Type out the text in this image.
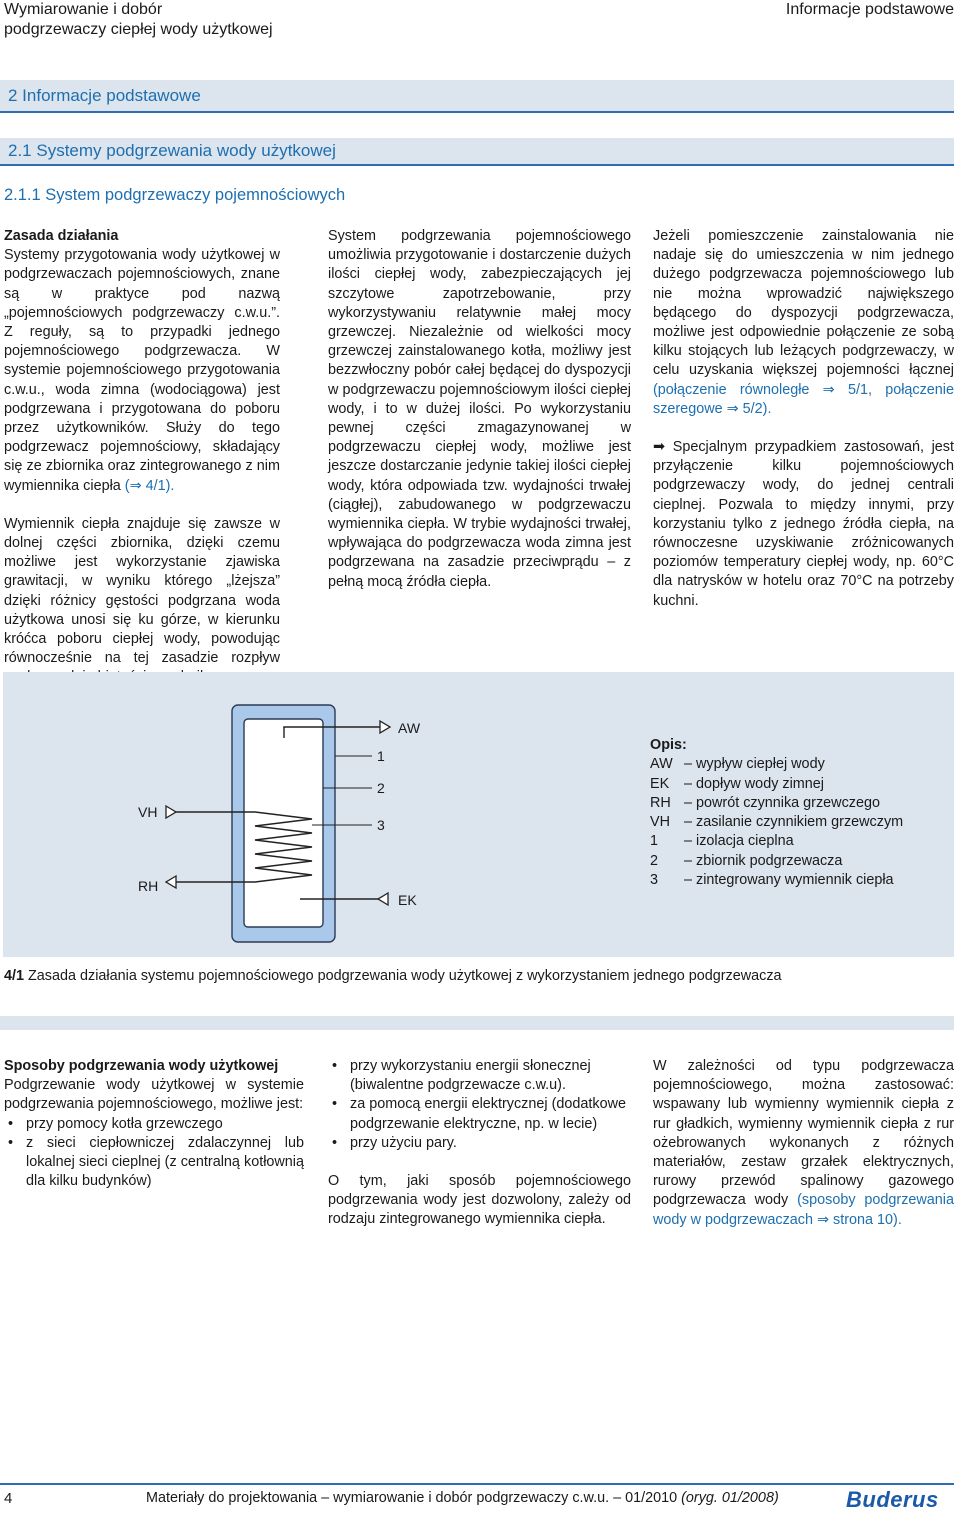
Wymiarowanie i dobór
podgrzewaczy ciepłej wody użytkowej
Informacje podstawowe
2 Informacje podstawowe
2.1 Systemy podgrzewania wody użytkowej
2.1.1 System podgrzewaczy pojemnościowych

Zasada działania

Systemy przygotowania wody użytkowej w podgrzewaczach pojemnościowych, znane są w praktyce pod nazwą „pojemnościowych podgrzewaczy c.w.u.”. Z reguły, są to przypadki jednego pojemnościowego podgrzewacza. W systemie pojemnościowego przygotowania c.w.u., woda zimna (wodociągowa) jest podgrzewana i przygotowana do poboru przez użytkowników. Służy do tego podgrzewacz pojemnościowy, składający się ze zbiornika oraz zintegrowanego z nim wymiennika ciepła (⇒ 4/1).

Wymiennik ciepła znajduje się zawsze w dolnej części zbiornika, dzięki czemu możliwe jest wykorzystanie zjawiska grawitacji, w wyniku którego „lżejsza” dzięki różnicy gęstości podgrzana woda użytkowa unosi się ku górze, w kierunku króćca poboru ciepłej wody, powodując równocześnie na tej zasadzie rozpływ

System podgrzewania pojemnościowego umożliwia przygotowanie i dostarczenie dużych ilości ciepłej wody, zabezpieczających jej szczytowe zapotrzebowanie, przy wykorzystywaniu relatywnie małej mocy grzewczej. Niezależnie od wielkości mocy grzewczej zainstalowanego kotła, możliwy jest bezzwłoczny pobór całej będącej do dyspozycji w podgrzewaczu pojemnościowym ilości ciepłej wody, i to w dużej ilości. Po wykorzystaniu pewnej części zmagazynowanej w podgrzewaczu ciepłej wody, możliwe jest jeszcze dostarczanie jedynie takiej ilości ciepłej wody, która odpowiada tzw. wydajności trwałej (ciągłej), zabudowanego w podgrzewaczu wymiennika ciepła. W trybie wydajności trwałej, wpływająca do podgrzewacza woda zimna jest podgrzewana na zasadzie przeciwprądu – z pełną mocą źródła ciepła.

Jeżeli pomieszczenie zainstalowania nie nadaje się do umieszczenia w nim jednego dużego podgrzewacza pojemnościowego lub nie można wprowadzić największego będącego do dyspozycji podgrzewacza, możliwe jest odpowiednie połączenie ze sobą kilku stojących lub leżących podgrzewaczy, w celu uzyskania większej pojemności łącznej (połączenie równoległe ⇒ 5/1, połączenie szeregowe ⇒ 5/2).

➡ Specjalnym przypadkiem zastosowań, jest przyłączenie kilku pojemnościowych podgrzewaczy wody, do jednej centrali cieplnej. Pozwala to między innymi, przy korzystaniu tylko z jednego źródła ciepła, na równoczesne uzyskiwanie zróżnicowanych poziomów temperatury ciepłej wody, np. 60°C dla natrysków w hotelu oraz 70°C na potrzeby kuchni.

AW
EK
VH
RH
1
2
3
Opis:
AW – wypływ ciepłej wody
EK – dopływ wody zimnej
RH – powrót czynnika grzewczego
VH – zasilanie czynnikiem grzewczym
1 – izolacja cieplna
2 – zbiornik podgrzewacza
3 – zintegrowany wymiennik ciepła
4/1 Zasada działania systemu pojemnościowego podgrzewania wody użytkowej z wykorzystaniem jednego podgrzewacza

Sposoby podgrzewania wody użytkowej

Podgrzewanie wody użytkowej w systemie podgrzewania pojemnościowego, możliwe jest:

• przy pomocy kotła grzewczego
• z sieci ciepłowniczej zdalaczynnej lub lokalnej sieci cieplnej (z centralną kotłownią dla kilku budynków)
• przy wykorzystaniu energii słonecznej (biwalentne podgrzewacze c.w.u).
• za pomocą energii elektrycznej (dodatkowe podgrzewanie elektryczne, np. w lecie)
• przy użyciu pary.

O tym, jaki sposób pojemnościowego podgrzewania wody jest dozwolony, zależy od rodzaju zintegrowanego wymiennika ciepła.

W zależności od typu podgrzewacza pojemnościowego, można zastosować: wspawany lub wymienny wymiennik ciepła z rur gładkich, wymienny wymiennik ciepła z rur ożebrowanych wykonanych z różnych materiałów, zestaw grzałek elektrycznych, rurowy przewód spalinowy gazowego podgrzewacza wody (sposoby podgrzewania wody w podgrzewaczach ⇒ strona 10).

4	Materiały do projektowania – wymiarowanie i dobór podgrzewaczy c.w.u. – 01/2010 (oryg. 01/2008)	Buderus
